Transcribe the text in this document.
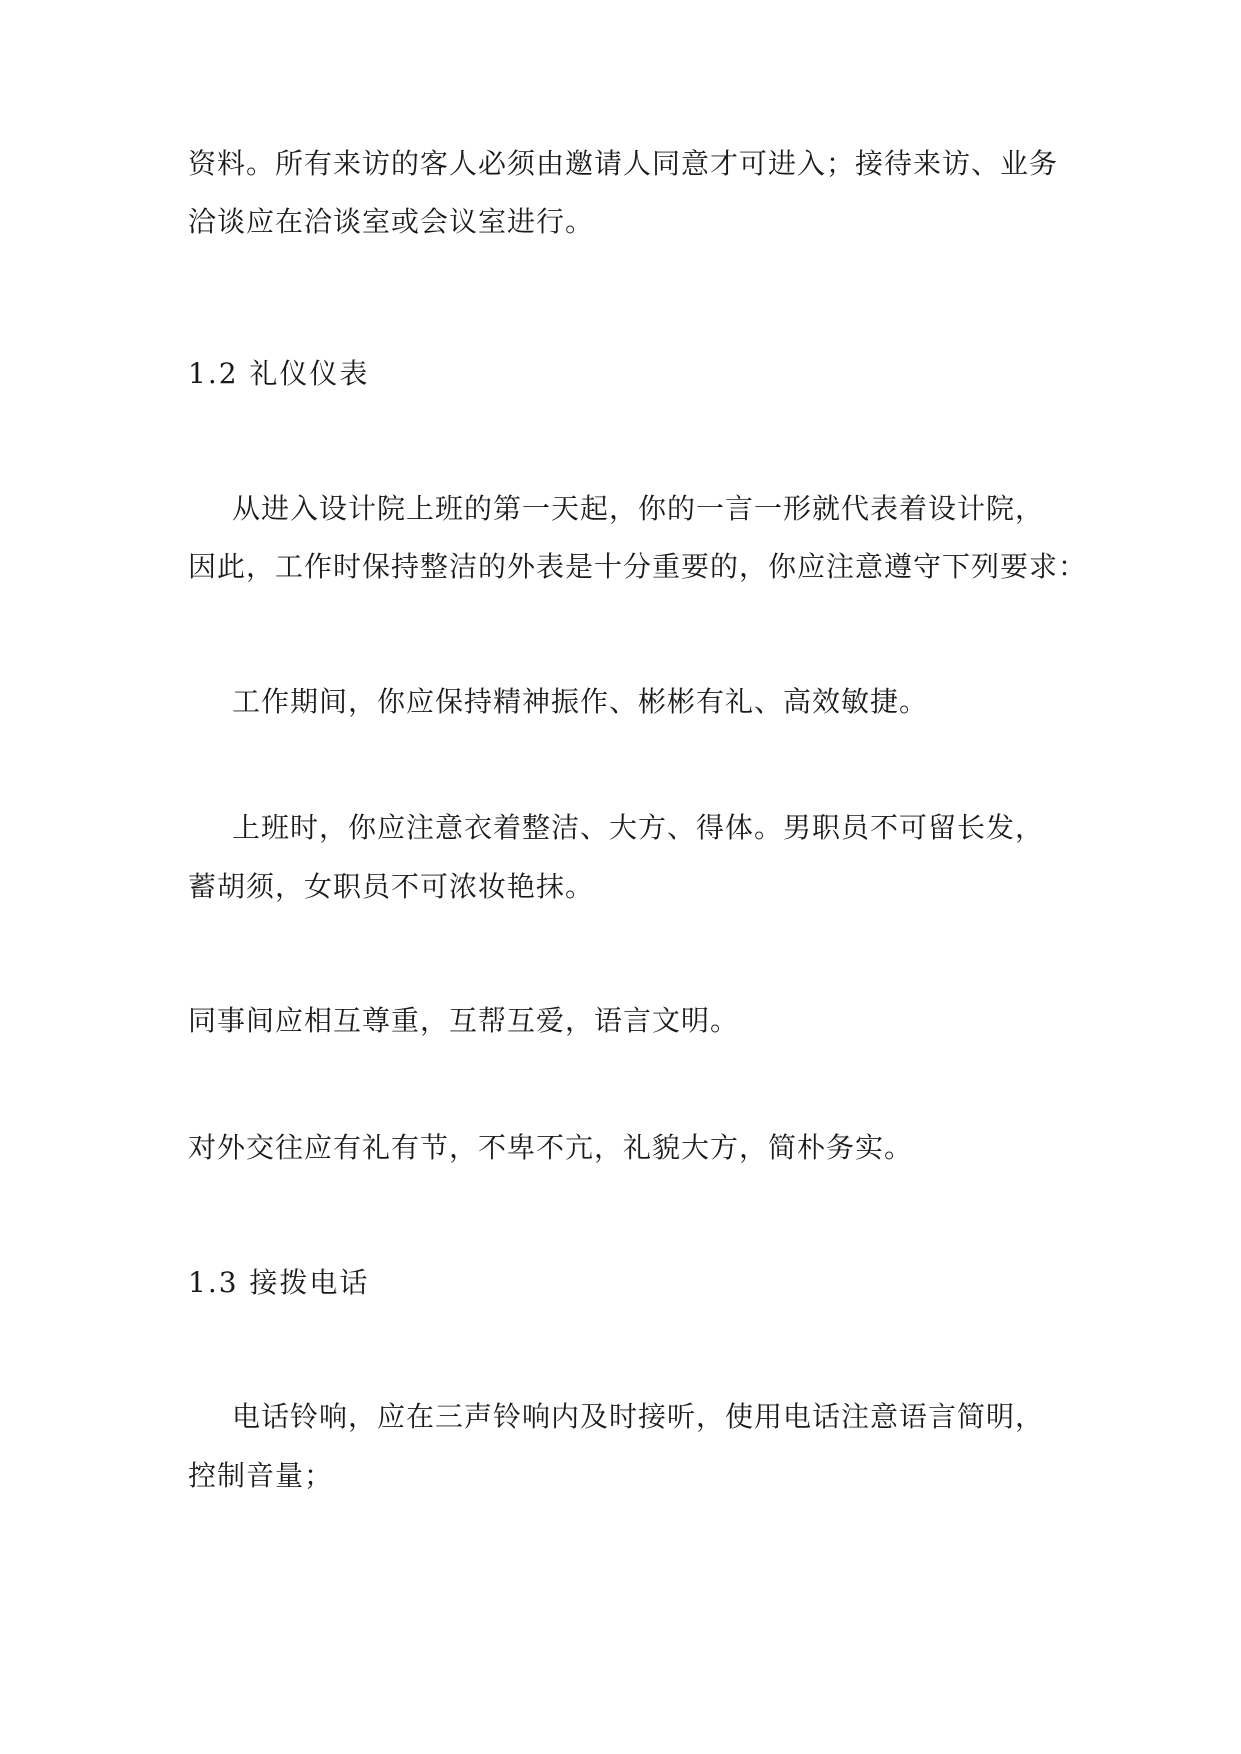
资料。所有来访的客人必须由邀请人同意才可进入；接待来访、业务
洽谈应在洽谈室或会议室进行。
1.2 礼仪仪表
从进入设计院上班的第一天起，你的一言一形就代表着设计院，
因此，工作时保持整洁的外表是十分重要的，你应注意遵守下列要求：
工作期间，你应保持精神振作、彬彬有礼、高效敏捷。
上班时，你应注意衣着整洁、大方、得体。男职员不可留长发，
蓄胡须，女职员不可浓妆艳抹。
同事间应相互尊重，互帮互爱，语言文明。
对外交往应有礼有节，不卑不亢，礼貌大方，简朴务实。
1.3 接拨电话
电话铃响，应在三声铃响内及时接听，使用电话注意语言简明，
控制音量；
